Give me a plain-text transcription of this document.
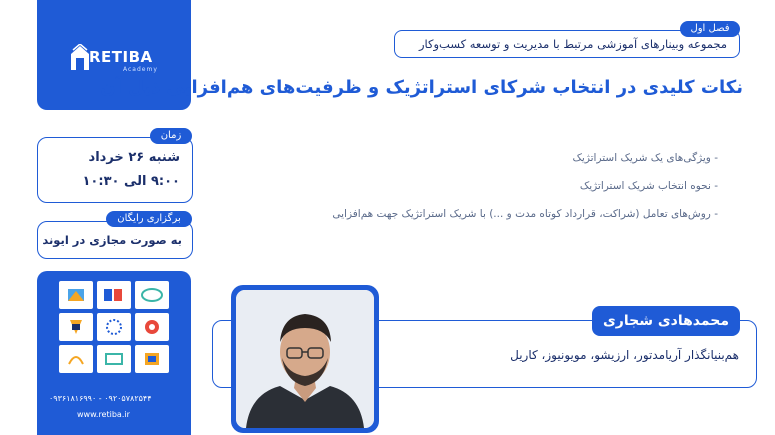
RETIBA
Academy
شنبه ۲۶ خرداد
۹:۰۰ الی ۱۰:۳۰
زمان
به صورت مجازی در ایوند
برگزاری رایگان
۰۹۳۶۱۸۱۶۹۹۰ - ۰۹۲۰۵۷۸۲۵۴۴
www.retiba.ir
مجموعه وبینارهای آموزشی مرتبط با مدیریت و توسعه کسب‌وکار
فصل اول
نکات کلیدی در انتخاب شرکای استراتژیک و ظرفیت‌های هم‌افزایی ذیل آن
- ویژگی‌های یک شریک استراتژیک
- نحوه انتخاب شریک استراتژیک
- روش‌های تعامل (شراکت، قرارداد کوتاه مدت و ...) با شریک استراتژیک جهت هم‌افزایی
هم‌بنیانگذار آریامدتور، ارزیشو، مویونیوز، کاریل
محمدهادی شجاری
